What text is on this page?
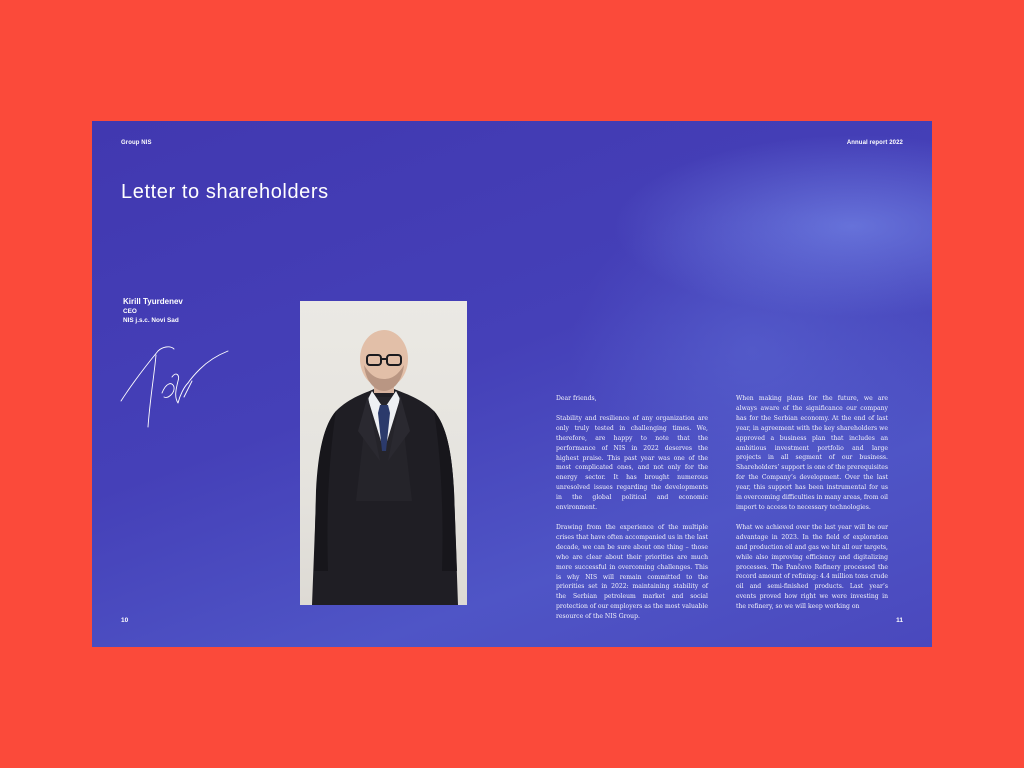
Group NIS	Annual report 2022
Letter to shareholders
Kirill Tyurdenev
CEO
NIS j.s.c. Novi Sad

Dear friends,

Stability and resilience of any organization are only truly tested in challenging times. We, therefore, are happy to note that the performance of NIS in 2022 deserves the highest praise. This past year was one of the most complicated ones, and not only for the energy sector. It has brought numerous unresolved issues regarding the developments in the global political and economic environment.

Drawing from the experience of the multiple crises that have often accompanied us in the last decade, we can be sure about one thing – those who are clear about their priorities are much more successful in overcoming challenges. This is why NIS will remain committed to the priorities set in 2022: maintaining stability of the Serbian petroleum market and social protection of our employers as the most valuable resource of the NIS Group.

When making plans for the future, we are always aware of the significance our company has for the Serbian economy. At the end of last year, in agreement with the key shareholders we approved a business plan that includes an ambitious investment portfolio and large projects in all segment of our business. Shareholders’ support is one of the prerequisites for the Company’s development. Over the last year, this support has been instrumental for us in overcoming difficulties in many areas, from oil import to access to necessary technologies.

What we achieved over the last year will be our advantage in 2023. In the field of exploration and production oil and gas we hit all our targets, while also improving efficiency and digitalizing processes. The Pančevo Refinery processed the record amount of refining: 4.4 million tons crude oil and semi-finished products. Last year’s events proved how right we were investing in the refinery, so we will keep working on

10	11
